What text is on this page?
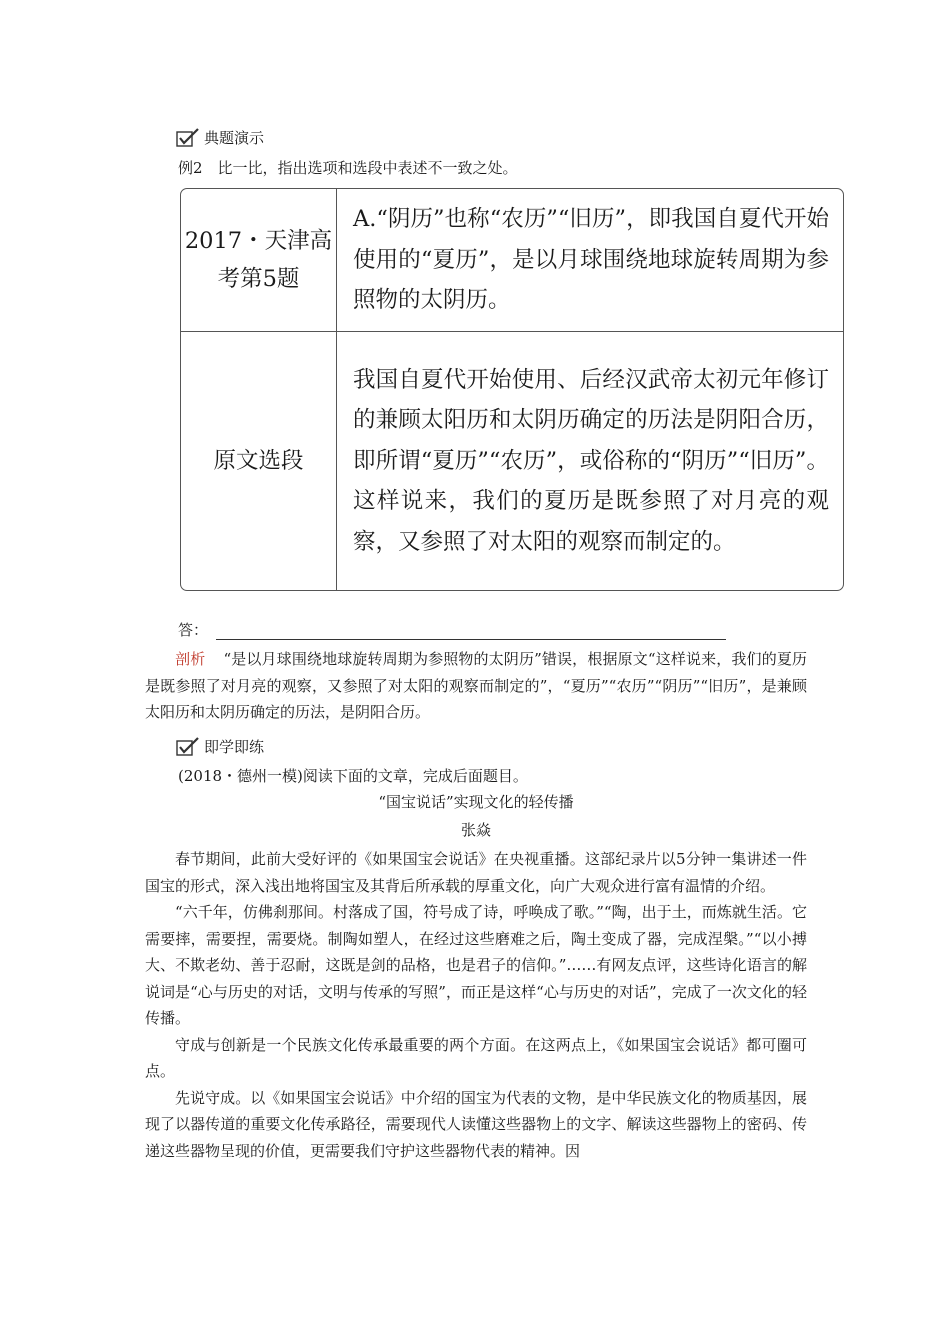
典题演示
例2　比一比，指出选项和选段中表述不一致之处。
2017・天津高考第5题	A.“阴历”也称“农历”“旧历”，即我国自夏代开始使用的“夏历”，是以月球围绕地球旋转周期为参照物的太阴历。
原文选段	我国自夏代开始使用、后经汉武帝太初元年修订的兼顾太阳历和太阴历确定的历法是阴阳合历，即所谓“夏历”“农历”，或俗称的“阴历”“旧历”。这样说来，我们的夏历是既参照了对月亮的观察，又参照了对太阳的观察而制定的。
答：
剖析 “是以月球围绕地球旋转周期为参照物的太阴历”错误，根据原文“这样说来，我们的夏历是既参照了对月亮的观察，又参照了对太阳的观察而制定的”，“夏历”“农历”“阴历”“旧历”，是兼顾太阳历和太阴历确定的历法，是阴阳合历。
即学即练
(2018・德州一模)阅读下面的文章，完成后面题目。
“国宝说话”实现文化的轻传播
张焱
春节期间，此前大受好评的《如果国宝会说话》在央视重播。这部纪录片以5分钟一集讲述一件国宝的形式，深入浅出地将国宝及其背后所承载的厚重文化，向广大观众进行富有温情的介绍。
“六千年，仿佛刹那间。村落成了国，符号成了诗，呼唤成了歌。”“陶，出于土，而炼就生活。它需要摔，需要捏，需要烧。制陶如塑人，在经过这些磨难之后，陶土变成了器，完成涅槃。”“以小搏大、不欺老幼、善于忍耐，这既是剑的品格，也是君子的信仰。”……有网友点评，这些诗化语言的解说词是“心与历史的对话，文明与传承的写照”，而正是这样“心与历史的对话”，完成了一次文化的轻传播。
守成与创新是一个民族文化传承最重要的两个方面。在这两点上，《如果国宝会说话》都可圈可点。
先说守成。以《如果国宝会说话》中介绍的国宝为代表的文物，是中华民族文化的物质基因，展现了以器传道的重要文化传承路径，需要现代人读懂这些器物上的文字、解读这些器物上的密码、传递这些器物呈现的价值，更需要我们守护这些器物代表的精神。因
